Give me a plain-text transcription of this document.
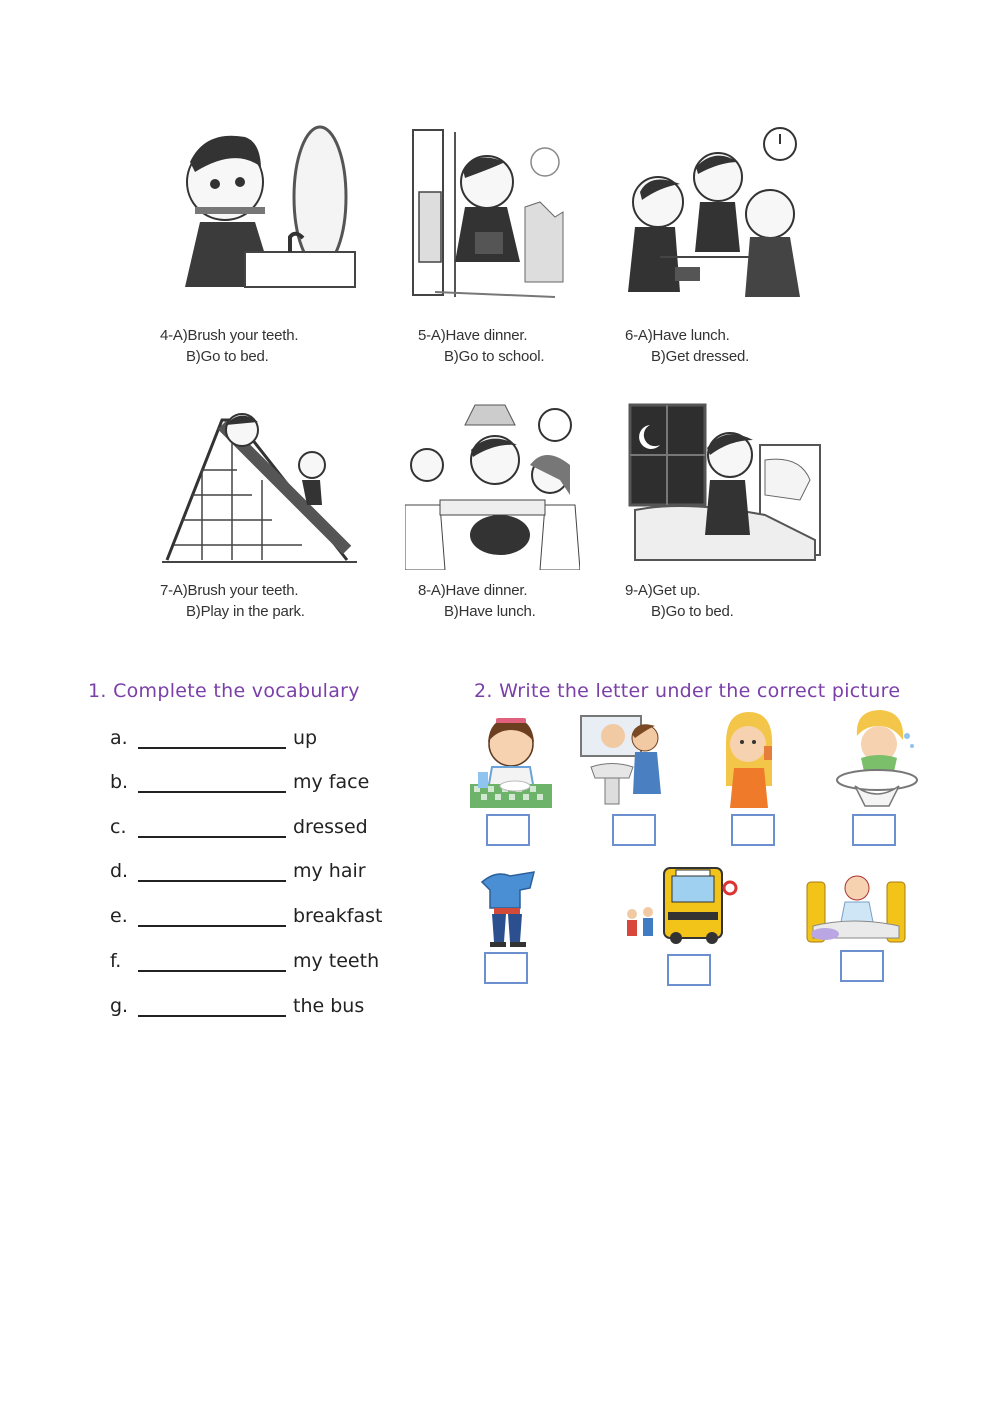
4-A)Brush your teeth.
B)Go to bed.
5-A)Have dinner.
B)Go to school.
6-A)Have lunch.
B)Get dressed.
7-A)Brush your teeth.
B)Play in the park.
8-A)Have dinner.
B)Have lunch.
9-A)Get up.
B)Go to bed.
1. Complete the vocabulary
a.	up
b.	my face
c.	dressed
d.	my hair
e.	breakfast
f.	my teeth
g.	the bus
2. Write the letter under the correct picture
